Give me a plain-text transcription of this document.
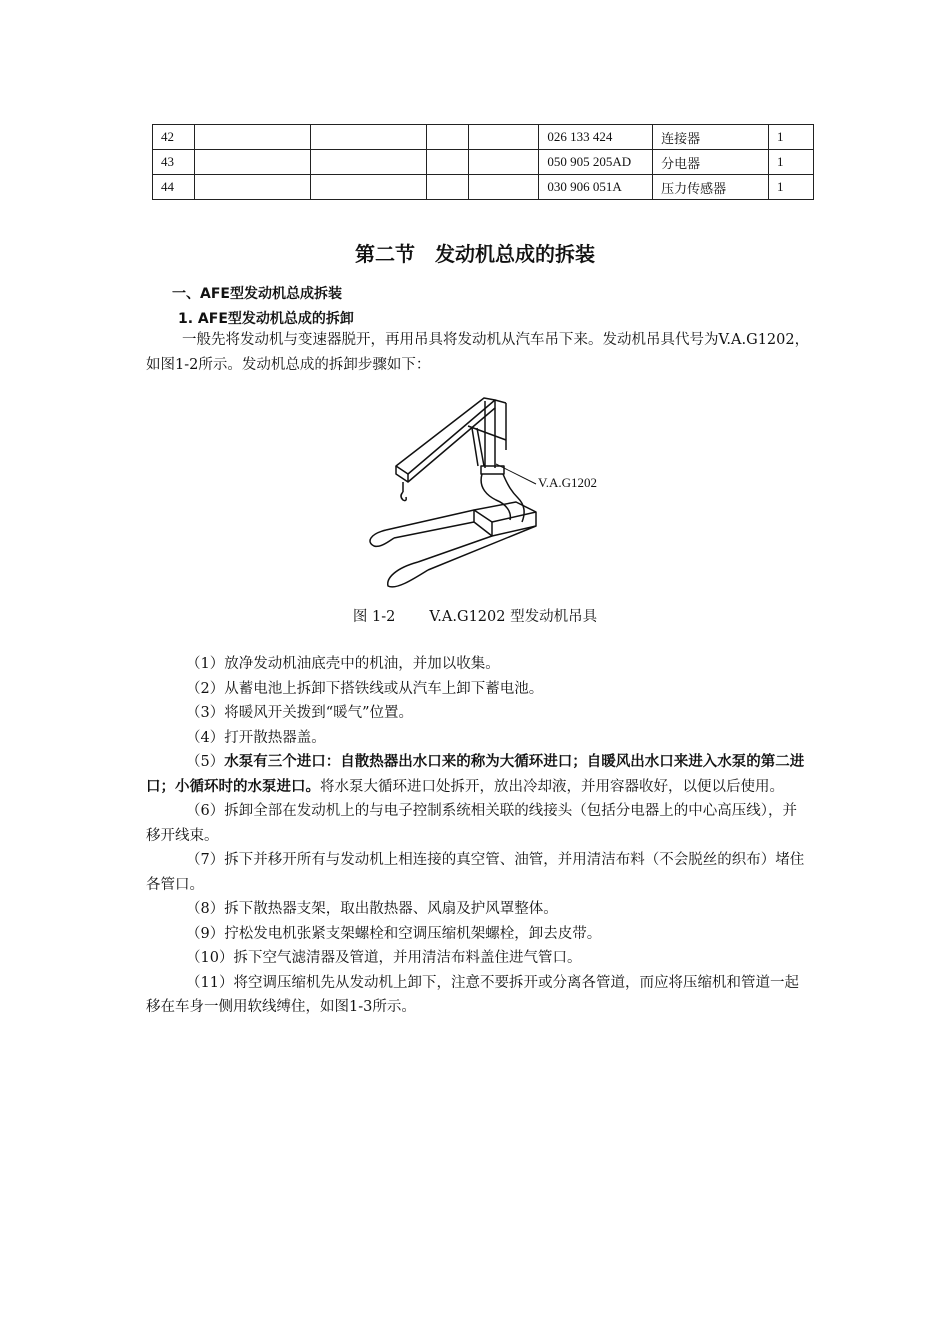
42					026 133 424	连接器	1
43					050 905 205AD	分电器	1
44					030 906 051A	压力传感器	1
第二节　发动机总成的拆装
一、AFE型发动机总成拆装
1. AFE型发动机总成的拆卸
一般先将发动机与变速器脱开，再用吊具将发动机从汽车吊下来。发动机吊具代号为V.A.G1202，如图1-2所示。发动机总成的拆卸步骤如下：
V.A.G1202
图 1-2 V.A.G1202 型发动机吊具
（1）放净发动机油底壳中的机油，并加以收集。
（2）从蓄电池上拆卸下搭铁线或从汽车上卸下蓄电池。
（3）将暖风开关拨到“暖气”位置。
（4）打开散热器盖。
（5）水泵有三个进口：自散热器出水口来的称为大循环进口；自暖风出水口来进入水泵的第二进口；小循环时的水泵进口。将水泵大循环进口处拆开，放出冷却液，并用容器收好，以便以后使用。
（6）拆卸全部在发动机上的与电子控制系统相关联的线接头（包括分电器上的中心高压线），并移开线束。
（7）拆下并移开所有与发动机上相连接的真空管、油管，并用清洁布料（不会脱丝的织布）堵住各管口。
（8）拆下散热器支架，取出散热器、风扇及护风罩整体。
（9）拧松发电机张紧支架螺栓和空调压缩机架螺栓，卸去皮带。
（10）拆下空气滤清器及管道，并用清洁布料盖住进气管口。
（11）将空调压缩机先从发动机上卸下，注意不要拆开或分离各管道，而应将压缩机和管道一起移在车身一侧用软线缚住，如图1-3所示。
